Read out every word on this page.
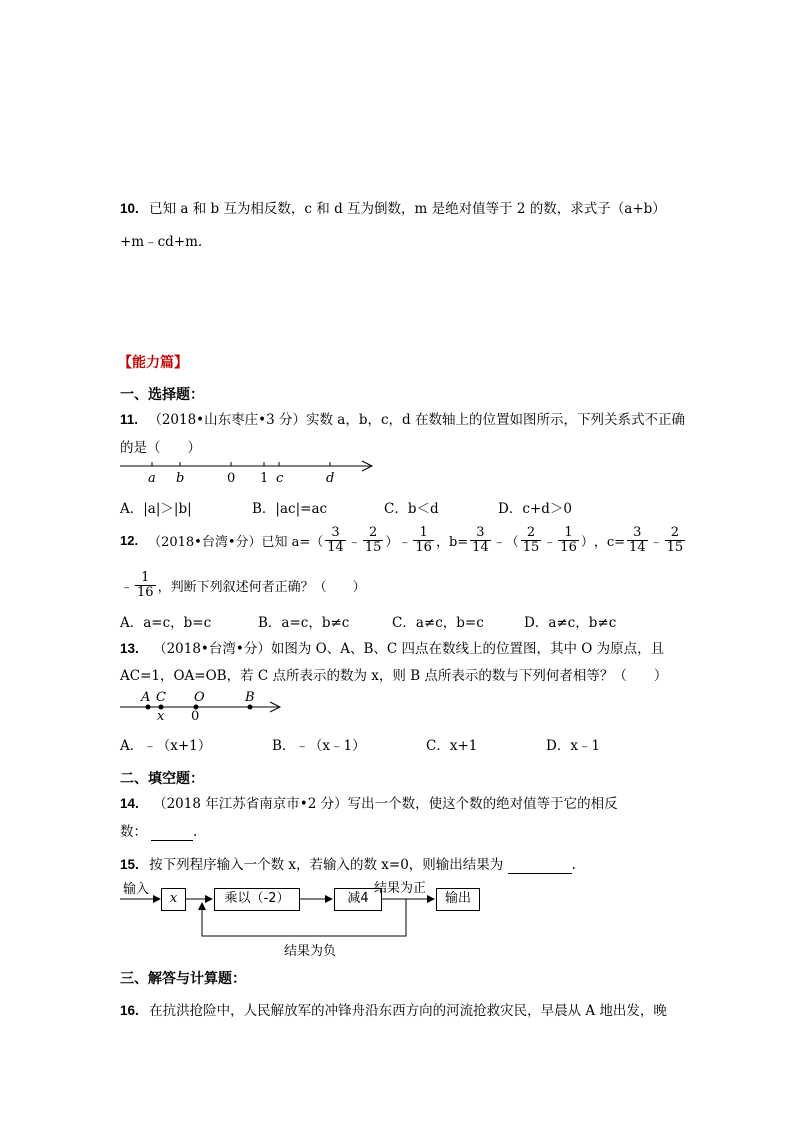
10. 已知 a 和 b 互为相反数，c 和 d 互为倒数，m 是绝对值等于 2 的数，求式子（a+b）
+m﹣cd+m.
【能力篇】
一、选择题：
11. （2018•山东枣庄•3 分）实数 a，b，c，d 在数轴上的位置如图所示，下列关系式不正确
的是（　　）
a b	0 1 c	d
A．|a|＞|b|	B．|ac|=ac	C．b＜d	D．c+d＞0
12. （2018•台湾•分）已知 $a=( \frac{3}{14}$ ﹣ $\frac{2}{15}$ ）﹣ $\frac{1}{16}$ ，$b= \frac{3}{14}$ ﹣（ $\frac{2}{15}$ ﹣ $\frac{1}{16}$ ） ，$c= \frac{3}{14}$ ﹣ $\frac{2}{15}$
﹣ $\frac{1}{16}$ ，判断下列叙述何者正确？（　　）
A．a=c，b=c	B．a=c，b≠c	C．a≠c，b=c	D．a≠c，b≠c
13. （2018•台湾•分）如图为 O、A、B、C 四点在数线上的位置图，其中 O 为原点，且
AC=1，OA=OB，若 C 点所表示的数为 x，则 B 点所表示的数与下列何者相等？（　　）
A C O	B
x 0
A．﹣（x+1）	B．﹣（x﹣1）	C．x+1	D．x﹣1
二、填空题：
14. （2018 年江苏省南京市•2 分）写出一个数，使这个数的绝对值等于它的相反
数：	.
15. 按下列程序输入一个数 x，若输入的数 x=0，则输出结果为	.
输入
x	乘以（-2）	减4
结果为正
输出
结果为负
三、解答与计算题：
16. 在抗洪抢险中，人民解放军的冲锋舟沿东西方向的河流抢救灾民，早晨从 A 地出发，晚
